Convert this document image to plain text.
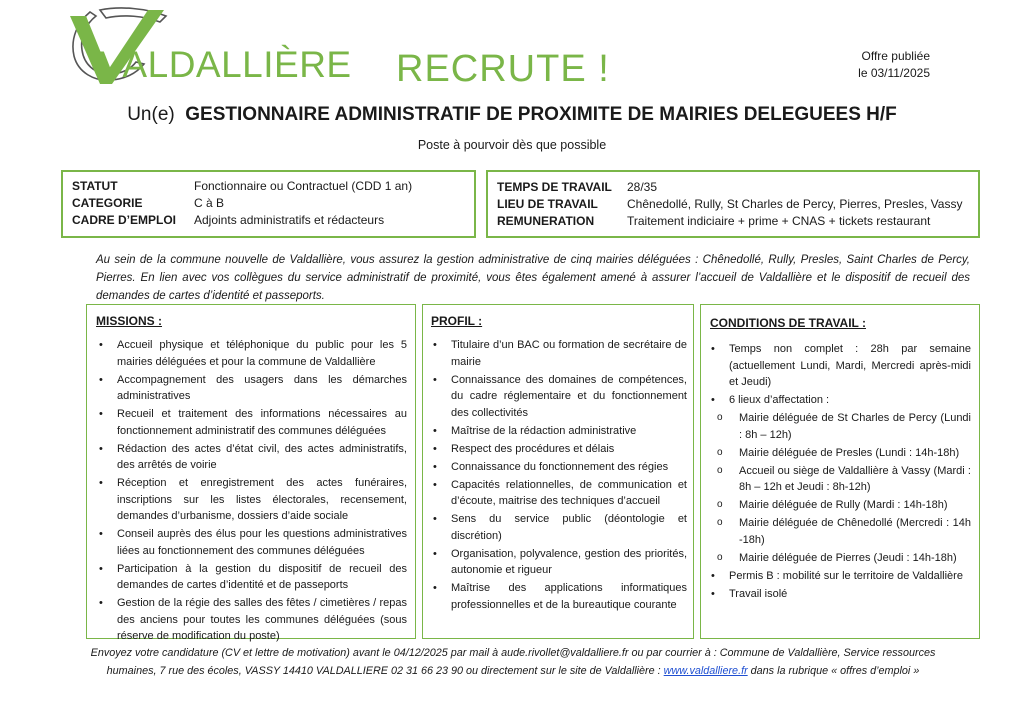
VALDALLIÈRE RECRUTE !	Offre publiée
le 03/11/2025
Un(e) GESTIONNAIRE ADMINISTRATIF DE PROXIMITE DE MAIRIES DELEGUEES H/F
Poste à pourvoir dès que possible
STATUT	Fonctionnaire ou Contractuel (CDD 1 an)
CATEGORIE	C à B
CADRE D’EMPLOI Adjoints administratifs et rédacteurs
TEMPS DE TRAVAIL 28/35
LIEU DE TRAVAIL Chênedollé, Rully, St Charles de Percy, Pierres, Presles, Vassy
REMUNERATION	Traitement indiciaire + prime + CNAS + tickets restaurant
Au sein de la commune nouvelle de Valdallière, vous assurez la gestion administrative de cinq mairies déléguées : Chênedollé, Rully, Presles, Saint Charles de Percy, Pierres. En lien avec vos collègues du service administratif de proximité, vous êtes également amené à assurer l’accueil de Valdallière et le dispositif de recueil des demandes de cartes d’identité et passeports.
MISSIONS :
• Accueil physique et téléphonique du public pour les 5 mairies déléguées et pour la commune de Valdallière
• Accompagnement des usagers dans les démarches administratives
• Recueil et traitement des informations nécessaires au fonctionnement administratif des communes déléguées
• Rédaction des actes d’état civil, des actes administratifs, des arrêtés de voirie
• Réception et enregistrement des actes funéraires, inscriptions sur les listes électorales, recensement, demandes d’urbanisme, dossiers d’aide sociale
• Conseil auprès des élus pour les questions administratives liées au fonctionnement des communes déléguées
• Participation à la gestion du dispositif de recueil des demandes de cartes d’identité et de passeports
• Gestion de la régie des salles des fêtes / cimetières / repas des anciens pour toutes les communes déléguées (sous réserve de modification du poste)
PROFIL :
• Titulaire d’un BAC ou formation de secrétaire de mairie
• Connaissance des domaines de compétences, du cadre réglementaire et du fonctionnement des collectivités
• Maîtrise de la rédaction administrative
• Respect des procédures et délais
• Connaissance du fonctionnement des régies
• Capacités relationnelles, de communication et d’écoute, maitrise des techniques d’accueil
• Sens du service public (déontologie et discrétion)
• Organisation, polyvalence, gestion des priorités, autonomie et rigueur
• Maîtrise des applications informatiques professionnelles et de la bureautique courante
CONDITIONS DE TRAVAIL :
• Temps non complet : 28h par semaine (actuellement Lundi, Mardi, Mercredi après-midi et Jeudi)
• 6 lieux d’affectation :
o Mairie déléguée de St Charles de Percy (Lundi : 8h – 12h)
o Mairie déléguée de Presles (Lundi : 14h-18h)
o Accueil ou siège de Valdallière à Vassy (Mardi : 8h – 12h et Jeudi : 8h-12h)
o Mairie déléguée de Rully (Mardi : 14h-18h)
o Mairie déléguée de Chênedollé (Mercredi : 14h -18h)
o Mairie déléguée de Pierres (Jeudi : 14h-18h)
• Permis B : mobilité sur le territoire de Valdallière
• Travail isolé
Envoyez votre candidature (CV et lettre de motivation) avant le 04/12/2025 par mail à aude.rivollet@valdalliere.fr ou par courrier à : Commune de Valdallière, Service ressources humaines, 7 rue des écoles, VASSY 14410 VALDALLIERE 02 31 66 23 90 ou directement sur le site de Valdallière : www.valdalliere.fr dans la rubrique « offres d’emploi »
